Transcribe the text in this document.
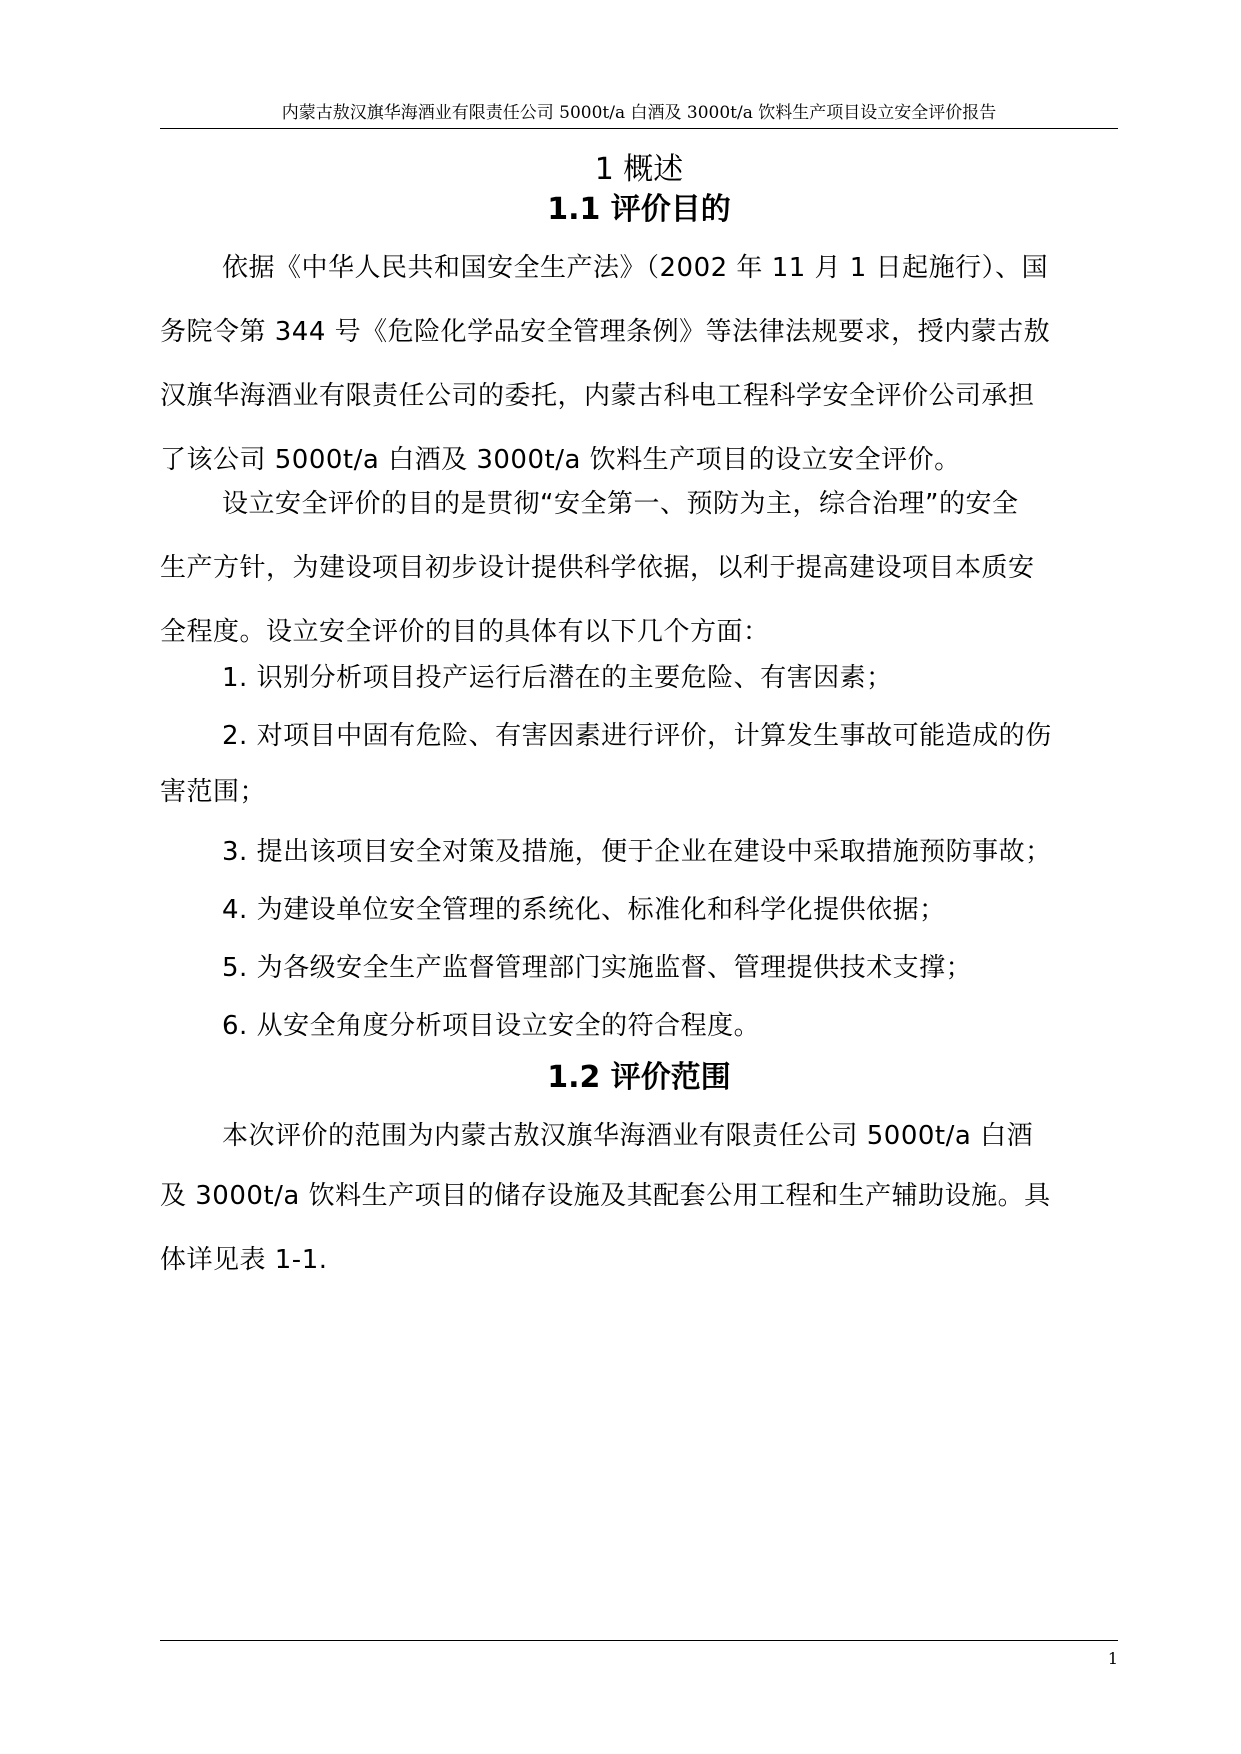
内蒙古敖汉旗华海酒业有限责任公司 5000t/a 白酒及 3000t/a 饮料生产项目设立安全评价报告
1 概述
1.1 评价目的
依据《中华人民共和国安全生产法》（2002 年 11 月 1 日起施行）、国
务院令第 344 号《危险化学品安全管理条例》等法律法规要求，授内蒙古敖
汉旗华海酒业有限责任公司的委托，内蒙古科电工程科学安全评价公司承担
了该公司 5000t/a 白酒及 3000t/a 饮料生产项目的设立安全评价。
设立安全评价的目的是贯彻“安全第一、预防为主，综合治理”的安全
生产方针，为建设项目初步设计提供科学依据，以利于提高建设项目本质安
全程度。设立安全评价的目的具体有以下几个方面：
1. 识别分析项目投产运行后潜在的主要危险、有害因素；
2. 对项目中固有危险、有害因素进行评价，计算发生事故可能造成的伤
害范围；
3. 提出该项目安全对策及措施，便于企业在建设中采取措施预防事故；
4. 为建设单位安全管理的系统化、标准化和科学化提供依据；
5. 为各级安全生产监督管理部门实施监督、管理提供技术支撑；
6. 从安全角度分析项目设立安全的符合程度。
1.2 评价范围
本次评价的范围为内蒙古敖汉旗华海酒业有限责任公司 5000t/a 白酒
及 3000t/a 饮料生产项目的储存设施及其配套公用工程和生产辅助设施。具
体详见表 1-1.
1
